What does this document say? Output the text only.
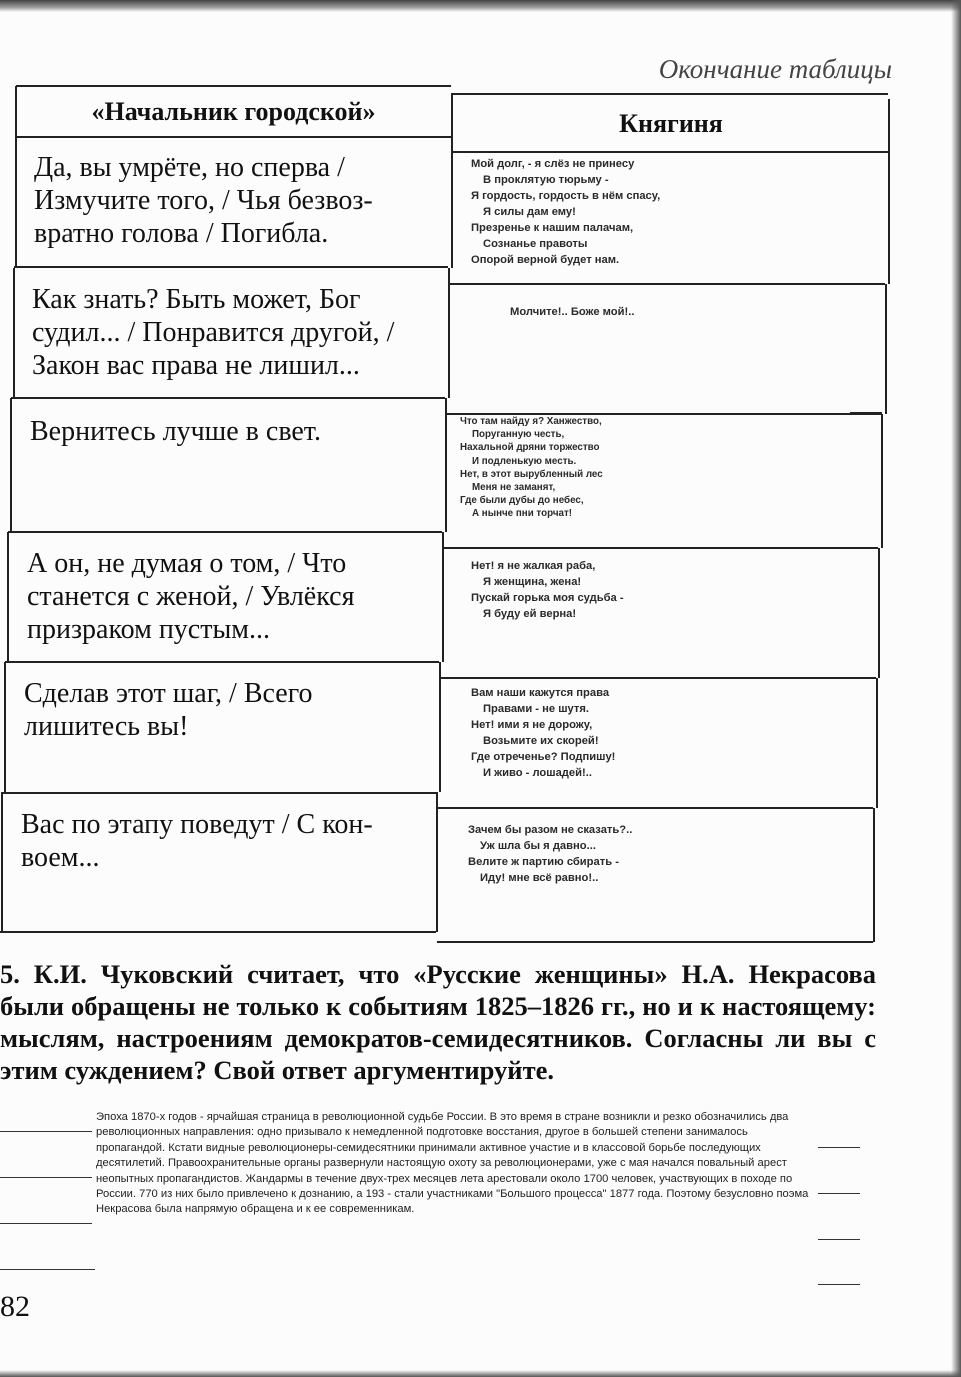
Окончание таблицы
«Начальник городской»	Княгиня
Да, вы умрёте, но сперва / Измучите того, / Чья безвозвратно голова / Погибла.
Как знать? Быть может, Бог судил... / Понравится другой, / Закон вас права не лишил...
Вернитесь лучше в свет.
А он, не думая о том, / Что станется с женой, / Увлёкся призраком пустым...
Сделав этот шаг, / Всего лишитесь вы!
Вас по этапу поведут / С конвоем...
Мой долг, - я слёз не принесу
В проклятую тюрьму -
Я гордость, гордость в нём спасу,
Я силы дам ему!
Презренье к нашим палачам,
Сознанье правоты
Опорой верной будет нам.
Молчите!.. Боже мой!..
Что там найду я? Ханжество,
Поруганную честь,
Нахальной дряни торжество
И подленькую месть.
Нет, в этот вырубленный лес
Меня не заманят,
Где были дубы до небес,
А нынче пни торчат!
Нет! я не жалкая раба,
Я женщина, жена!
Пускай горька моя судьба -
Я буду ей верна!
Вам наши кажутся права
Правами - не шутя.
Нет! ими я не дорожу,
Возьмите их скорей!
Где отреченье? Подпишу!
И живо - лошадей!..
Зачем бы разом не сказать?..
Уж шла бы я давно...
Велите ж партию сбирать -
Иду! мне всё равно!..
5. К.И. Чуковский считает, что «Русские женщины» Н.А. Некрасова были обращены не только к событиям 1825–1826 гг., но и к настоящему: мыслям, настроениям демократов-семидесятников. Согласны ли вы с этим суждением? Свой ответ аргументируйте.
Эпоха 1870-х годов - ярчайшая страница в революционной судьбе России. В это время в стране возникли и резко обозначились два революционных направления: одно призывало к немедленной подготовке восстания, другое в большей степени занималось пропагандой. Кстати видные революционеры-семидесятники принимали активное участие и в классовой борьбе последующих десятилетий. Правоохранительные органы развернули настоящую охоту за революционерами, уже с мая начался повальный арест неопытных пропагандистов. Жандармы в течение двух-трех месяцев лета арестовали около 1700 человек, участвующих в походе по России. 770 из них было привлечено к дознанию, а 193 - стали участниками "Большого процесса" 1877 года. Поэтому безусловно поэма Некрасова была напрямую обращена и к ее современникам.
82
